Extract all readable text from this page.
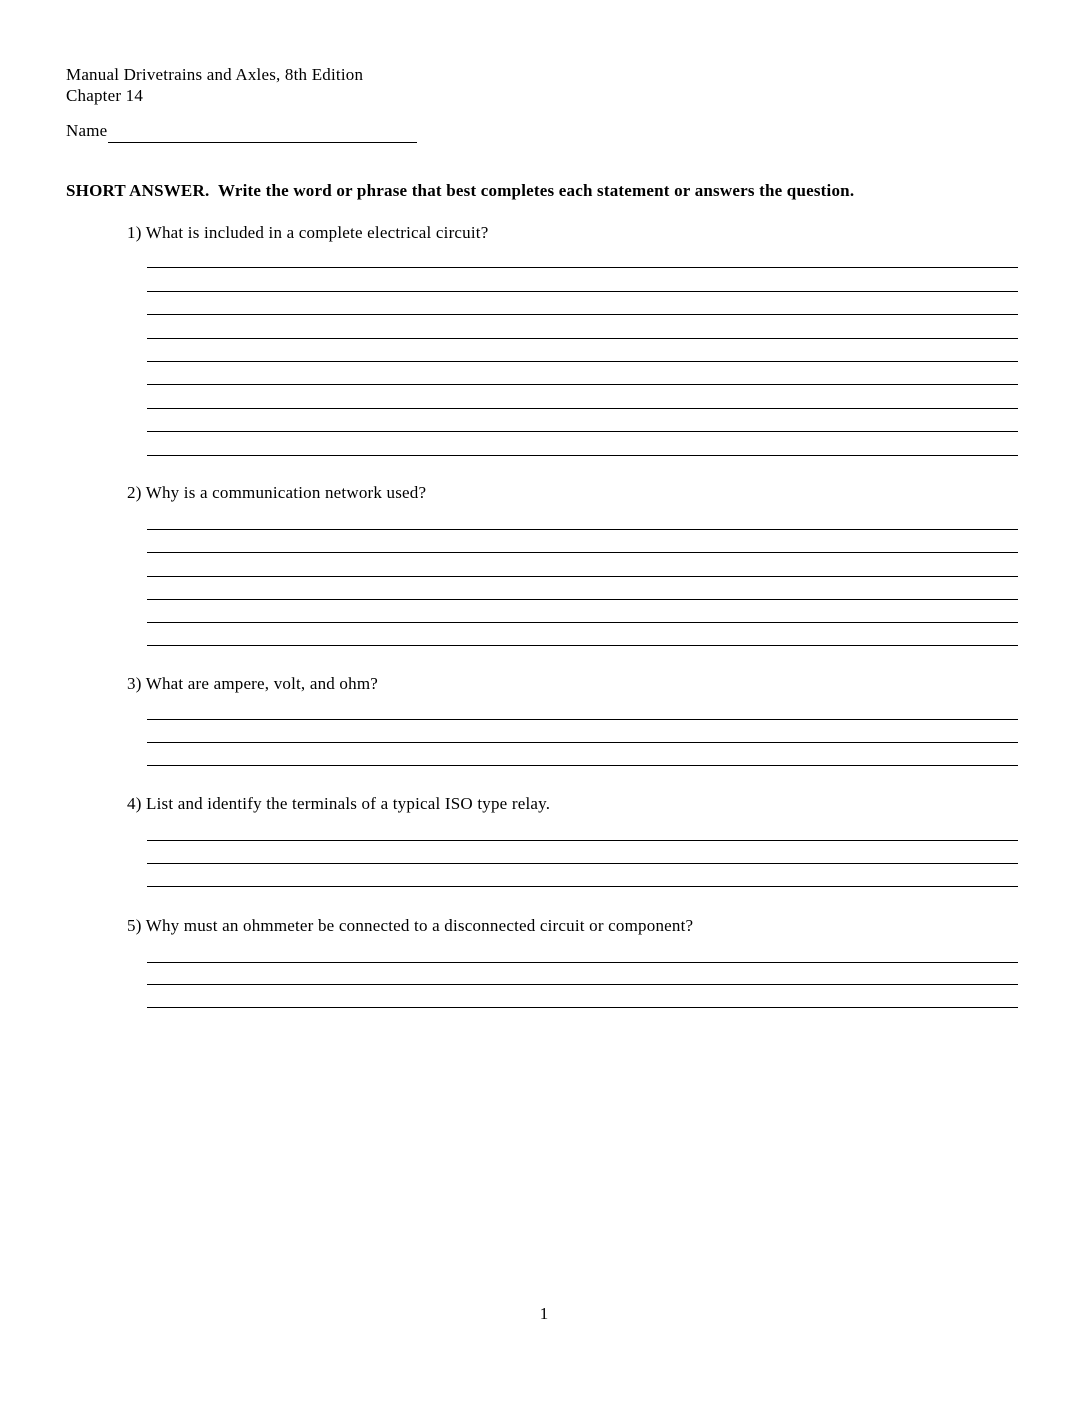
Manual Drivetrains and Axles, 8th Edition
Chapter 14
Name
SHORT ANSWER.  Write the word or phrase that best completes each statement or answers the question.
1) What is included in a complete electrical circuit?
2) Why is a communication network used?
3) What are ampere, volt, and ohm?
4) List and identify the terminals of a typical ISO type relay.
5) Why must an ohmmeter be connected to a disconnected circuit or component?
1
